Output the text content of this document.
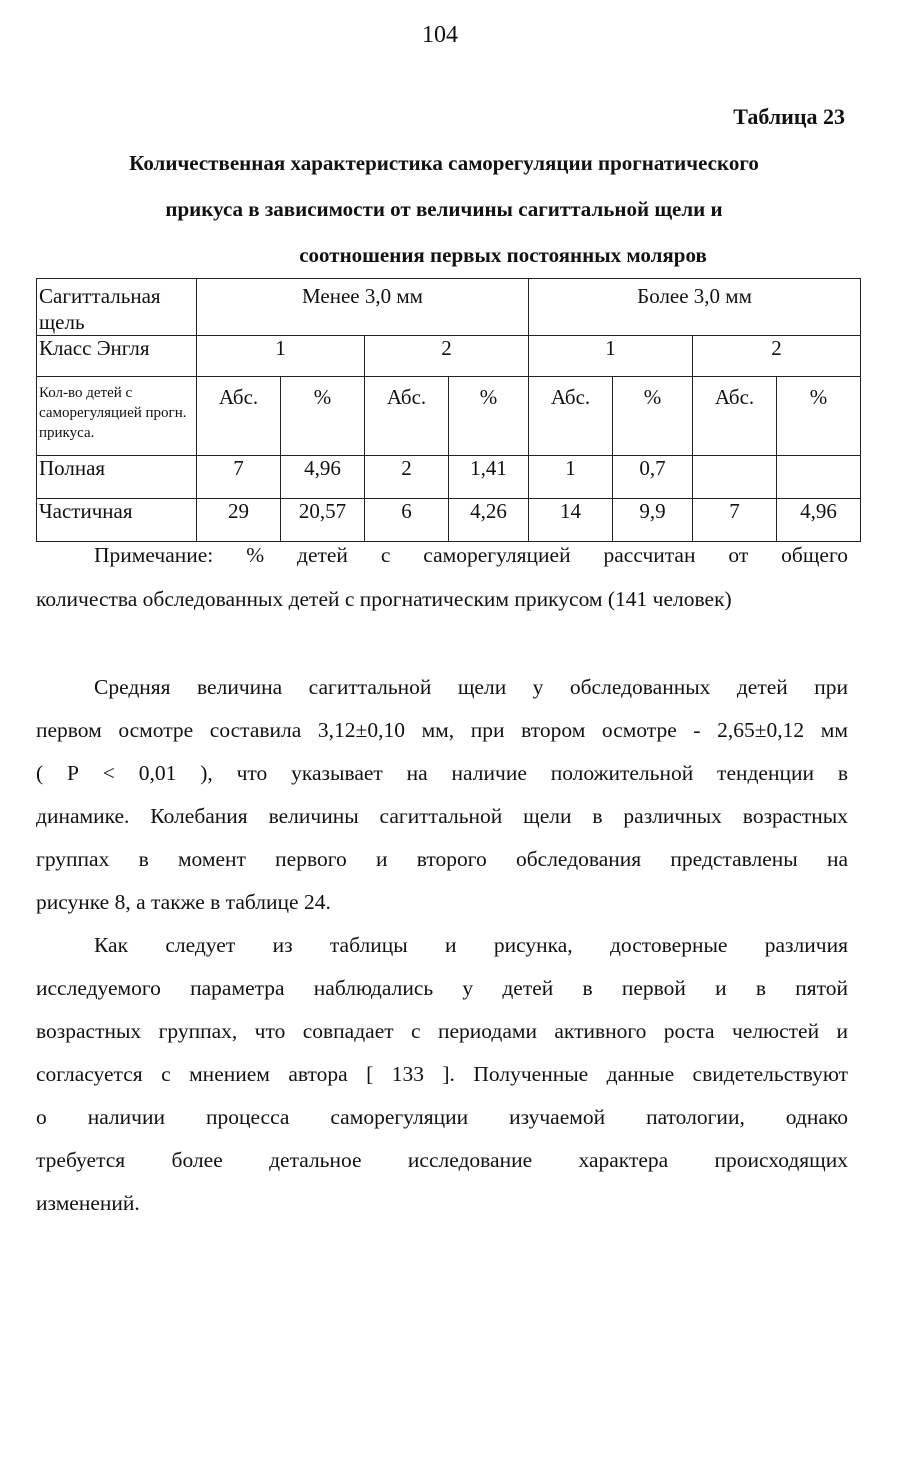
104
Таблица 23
Количественная характеристика саморегуляции прогнатического
прикуса в зависимости от величины сагиттальной щели и
соотношения первых постоянных моляров
Сагиттальная щель	Менее 3,0 мм				Более 3,0 мм			

Класс Энгля	1		2		1		2	

Кол-во детей с саморегуляцией прогн. прикуса.	Абс.	%	Абс.	%	Абс.	%	Абс.	%
Полная	7	4,96	2	1,41	1	0,7		
Частичная	29	20,57	6	4,26	14	9,9	7	4,96
Примечание: % детей с саморегуляцией рассчитан от общего
количества обследованных детей с прогнатическим прикусом (141 человек)
Средняя величина сагиттальной щели у обследованных детей при
первом осмотре составила 3,12±0,10 мм, при втором осмотре - 2,65±0,12 мм
( Р < 0,01 ), что указывает на наличие положительной тенденции в
динамике. Колебания величины сагиттальной щели в различных возрастных
группах в момент первого и второго обследования представлены на
рисунке 8, а также в таблице 24.
Как следует из таблицы и рисунка, достоверные различия
исследуемого параметра наблюдались у детей в первой и в пятой
возрастных группах, что совпадает с периодами активного роста челюстей и
согласуется с мнением автора [ 133 ]. Полученные данные свидетельствуют
о наличии процесса саморегуляции изучаемой патологии, однако
требуется более детальное исследование характера происходящих
изменений.
